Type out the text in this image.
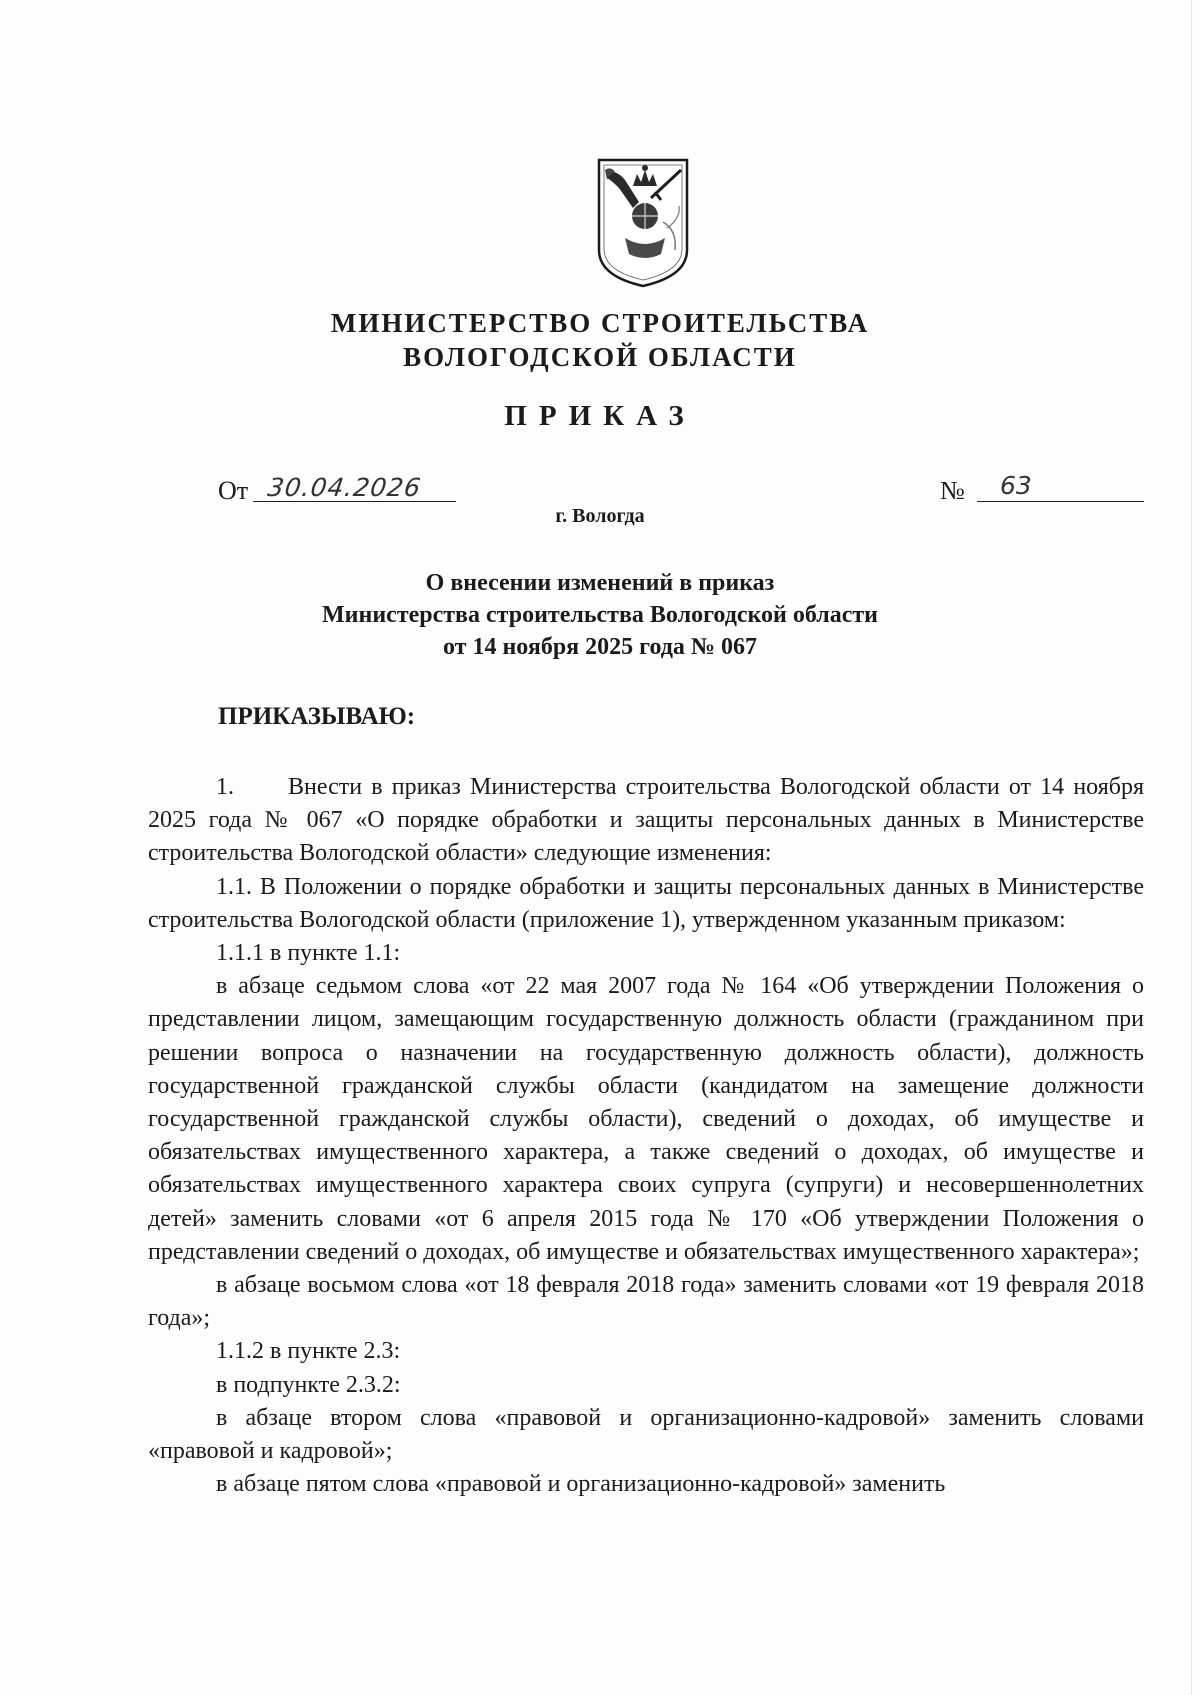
МИНИСТЕРСТВО СТРОИТЕЛЬСТВА
ВОЛОГОДСКОЙ ОБЛАСТИ
ПРИКАЗ
От 30.04.2026	№ 63
г. Вологда
О внесении изменений в приказ
Министерства строительства Вологодской области
от 14 ноября 2025 года № 067
ПРИКАЗЫВАЮ:

1. Внести в приказ Министерства строительства Вологодской области от 14 ноября 2025 года № 067 «О порядке обработки и защиты персональных данных в Министерстве строительства Вологодской области» следующие изменения:

1.1. В Положении о порядке обработки и защиты персональных данных в Министерстве строительства Вологодской области (приложение 1), утвержденном указанным приказом:

1.1.1 в пункте 1.1:

в абзаце седьмом слова «от 22 мая 2007 года № 164 «Об утверждении Положения о представлении лицом, замещающим государственную должность области (гражданином при решении вопроса о назначении на государственную должность области), должность государственной гражданской службы области (кандидатом на замещение должности государственной гражданской службы области), сведений о доходах, об имуществе и обязательствах имущественного характера, а также сведений о доходах, об имуществе и обязательствах имущественного характера своих супруга (супруги) и несовершеннолетних детей» заменить словами «от 6 апреля 2015 года № 170 «Об утверждении Положения о представлении сведений о доходах, об имуществе и обязательствах имущественного характера»;

в абзаце восьмом слова «от 18 февраля 2018 года» заменить словами «от 19 февраля 2018 года»;

1.1.2 в пункте 2.3:

в подпункте 2.3.2:

в абзаце втором слова «правовой и организационно-кадровой» заменить словами «правовой и кадровой»;

в абзаце пятом слова «правовой и организационно-кадровой» заменить
